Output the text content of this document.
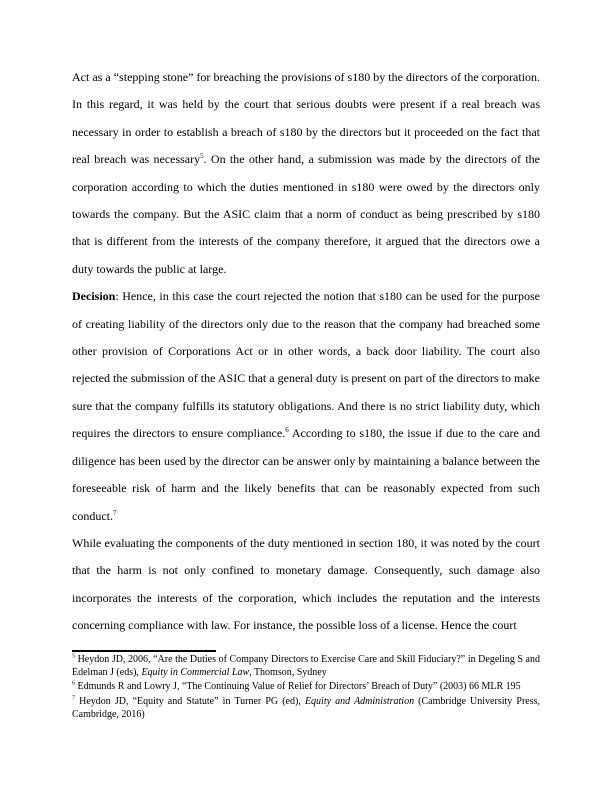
Act as a “stepping stone” for breaching the provisions of s180 by the directors of the corporation. In this regard, it was held by the court that serious doubts were present if a real breach was necessary in order to establish a breach of s180 by the directors but it proceeded on the fact that real breach was necessary$^5$. On the other hand, a submission was made by the directors of the corporation according to which the duties mentioned in s180 were owed by the directors only towards the company. But the ASIC claim that a norm of conduct as being prescribed by s180 that is different from the interests of the company therefore, it argued that the directors owe a duty towards the public at large.

Decision: Hence, in this case the court rejected the notion that s180 can be used for the purpose of creating liability of the directors only due to the reason that the company had breached some other provision of Corporations Act or in other words, a back door liability. The court also rejected the submission of the ASIC that a general duty is present on part of the directors to make sure that the company fulfills its statutory obligations. And there is no strict liability duty, which requires the directors to ensure compliance.$^6$ According to s180, the issue if due to the care and diligence has been used by the director can be answer only by maintaining a balance between the foreseeable risk of harm and the likely benefits that can be reasonably expected from such conduct.$^7$

While evaluating the components of the duty mentioned in section 180, it was noted by the court that the harm is not only confined to monetary damage. Consequently, such damage also incorporates the interests of the corporation, which includes the reputation and the interests concerning compliance with law. For instance, the possible loss of a license. Hence the court

$^5$ Heydon JD, 2006, “Are the Duties of Company Directors to Exercise Care and Skill Fiduciary?” in Degeling S and Edelman J (eds), Equity in Commercial Law, Thomson, Sydney

$^6$ Edmunds R and Lowry J, “The Continuing Value of Relief for Directors’ Breach of Duty” (2003) 66 MLR 195

$^7$ Heydon JD, “Equity and Statute” in Turner PG (ed), Equity and Administration (Cambridge University Press, Cambridge, 2016)
